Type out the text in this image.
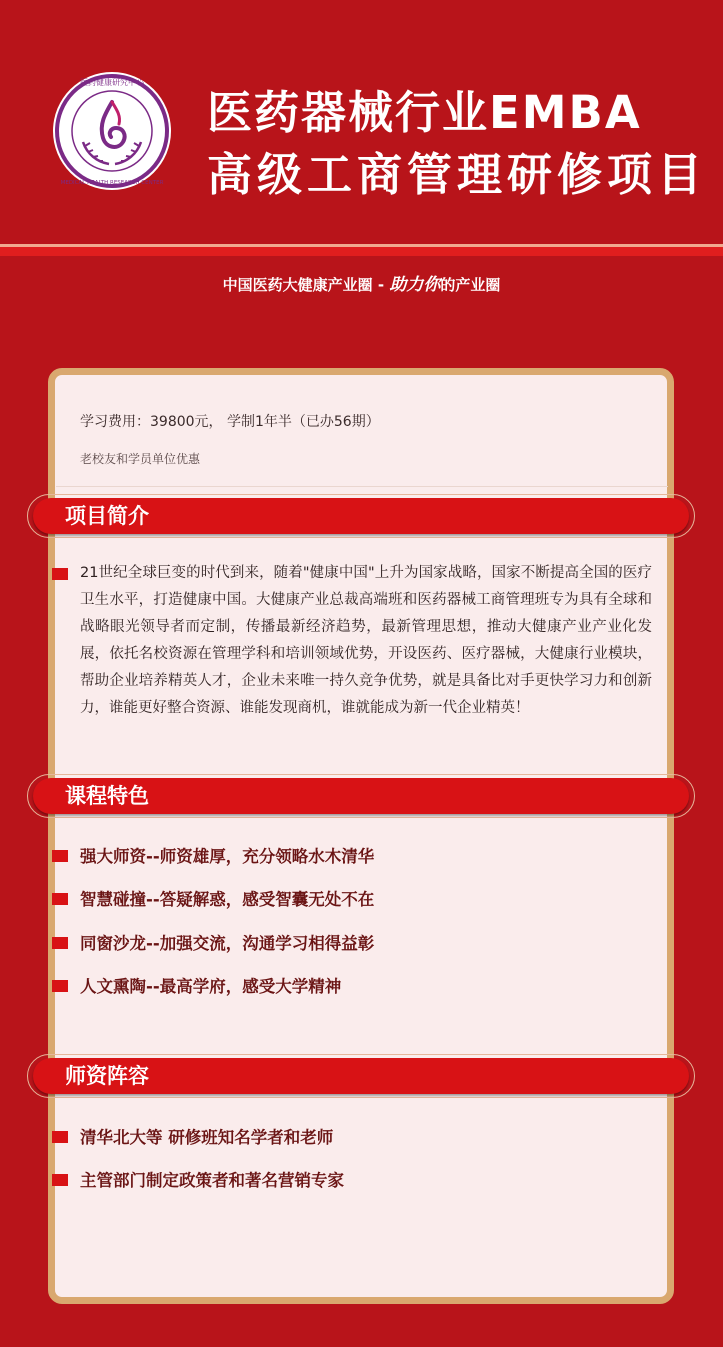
医药健康研究中心
MEDICAL HEALTH RESEARCH CENTER
医药器械行业EMBA
高级工商管理研修项目
中国医药大健康产业圈 - 助力你的产业圈
学习费用：39800元， 学制1年半（已办56期）
老校友和学员单位优惠
项目简介
21世纪全球巨变的时代到来，随着"健康中国"上升为国家战略，国家不断提高全国的医疗卫生水平，打造健康中国。大健康产业总裁高端班和医药器械工商管理班专为具有全球和战略眼光领导者而定制，传播最新经济趋势，最新管理思想，推动大健康产业产业化发展，依托名校资源在管理学科和培训领域优势，开设医药、医疗器械，大健康行业模块，帮助企业培养精英人才，企业未来唯一持久竞争优势，就是具备比对手更快学习力和创新力，谁能更好整合资源、谁能发现商机，谁就能成为新一代企业精英！
课程特色
强大师资--师资雄厚，充分领略水木清华
智慧碰撞--答疑解惑，感受智囊无处不在
同窗沙龙--加强交流，沟通学习相得益彰
人文熏陶--最高学府，感受大学精神
师资阵容
清华北大等 研修班知名学者和老师
主管部门制定政策者和著名营销专家
